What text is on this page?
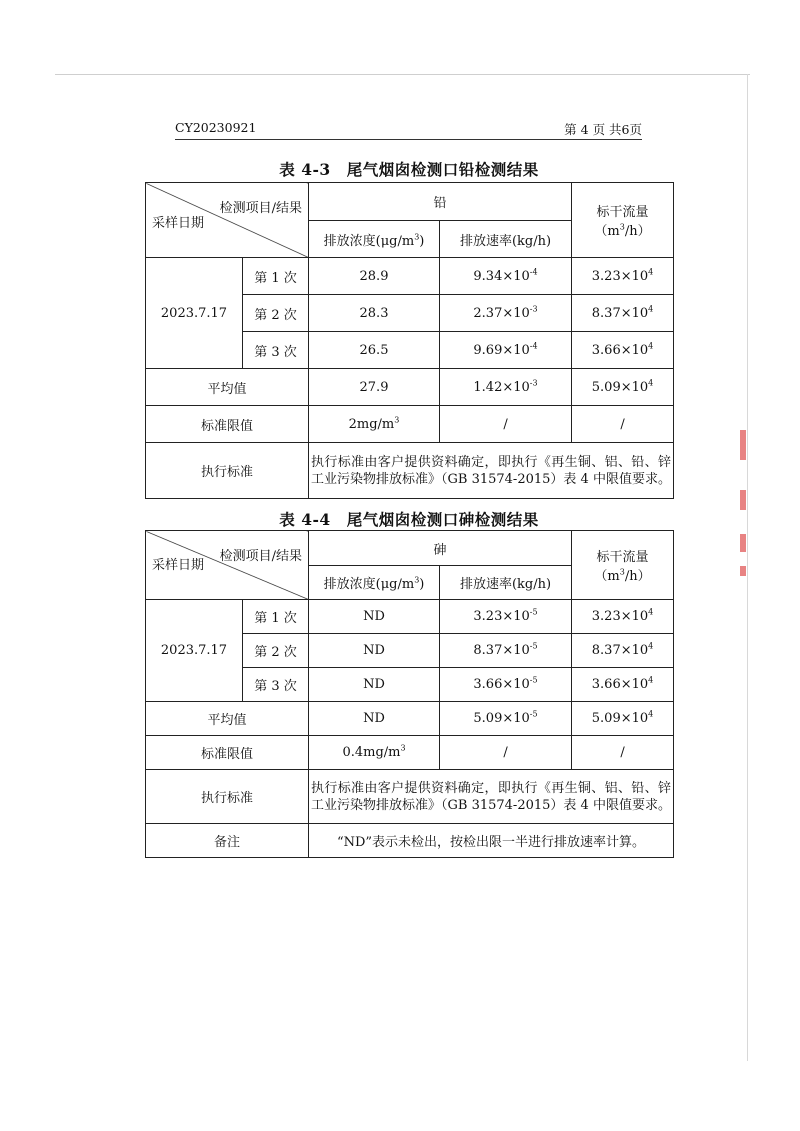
CY20230921	第 4 页 共6页
表 4-3　尾气烟囱检测口铅检测结果
检测项目/结果
采样日期		铅		标干流量
$(m^3/h)$
		排放浓度$(\mu g/m^3)$	排放速率(kg/h)	
2023.7.17	第 1 次	28.9	$9.34\times 10^{-4}$	$3.23\times 10^4$
	第 2 次	28.3	$2.37\times 10^{-3}$	$8.37\times 10^4$
	第 3 次	26.5	$9.69\times 10^{-4}$	$3.66\times 10^4$
平均值		27.9	$1.42\times 10^{-3}$	$5.09\times 10^4$
标准限值		$2mg/m^3$	/	/
执行标准		执行标准由客户提供资料确定，即执行《再生铜、铝、铅、锌工业污染物排放标准》（GB 31574-2015）表 4 中限值要求。		
表 4-4　尾气烟囱检测口砷检测结果
检测项目/结果
采样日期		砷		标干流量
$(m^3/h)$
		排放浓度$(\mu g/m^3)$	排放速率(kg/h)	
2023.7.17	第 1 次	ND	$3.23\times 10^{-5}$	$3.23\times 10^4$
	第 2 次	ND	$8.37\times 10^{-5}$	$8.37\times 10^4$
	第 3 次	ND	$3.66\times 10^{-5}$	$3.66\times 10^4$
平均值		ND	$5.09\times 10^{-5}$	$5.09\times 10^4$
标准限值		$0.4mg/m^3$	/	/
执行标准		执行标准由客户提供资料确定，即执行《再生铜、铝、铅、锌工业污染物排放标准》（GB 31574-2015）表 4 中限值要求。		
备注		“ND”表示未检出，按检出限一半进行排放速率计算。		
